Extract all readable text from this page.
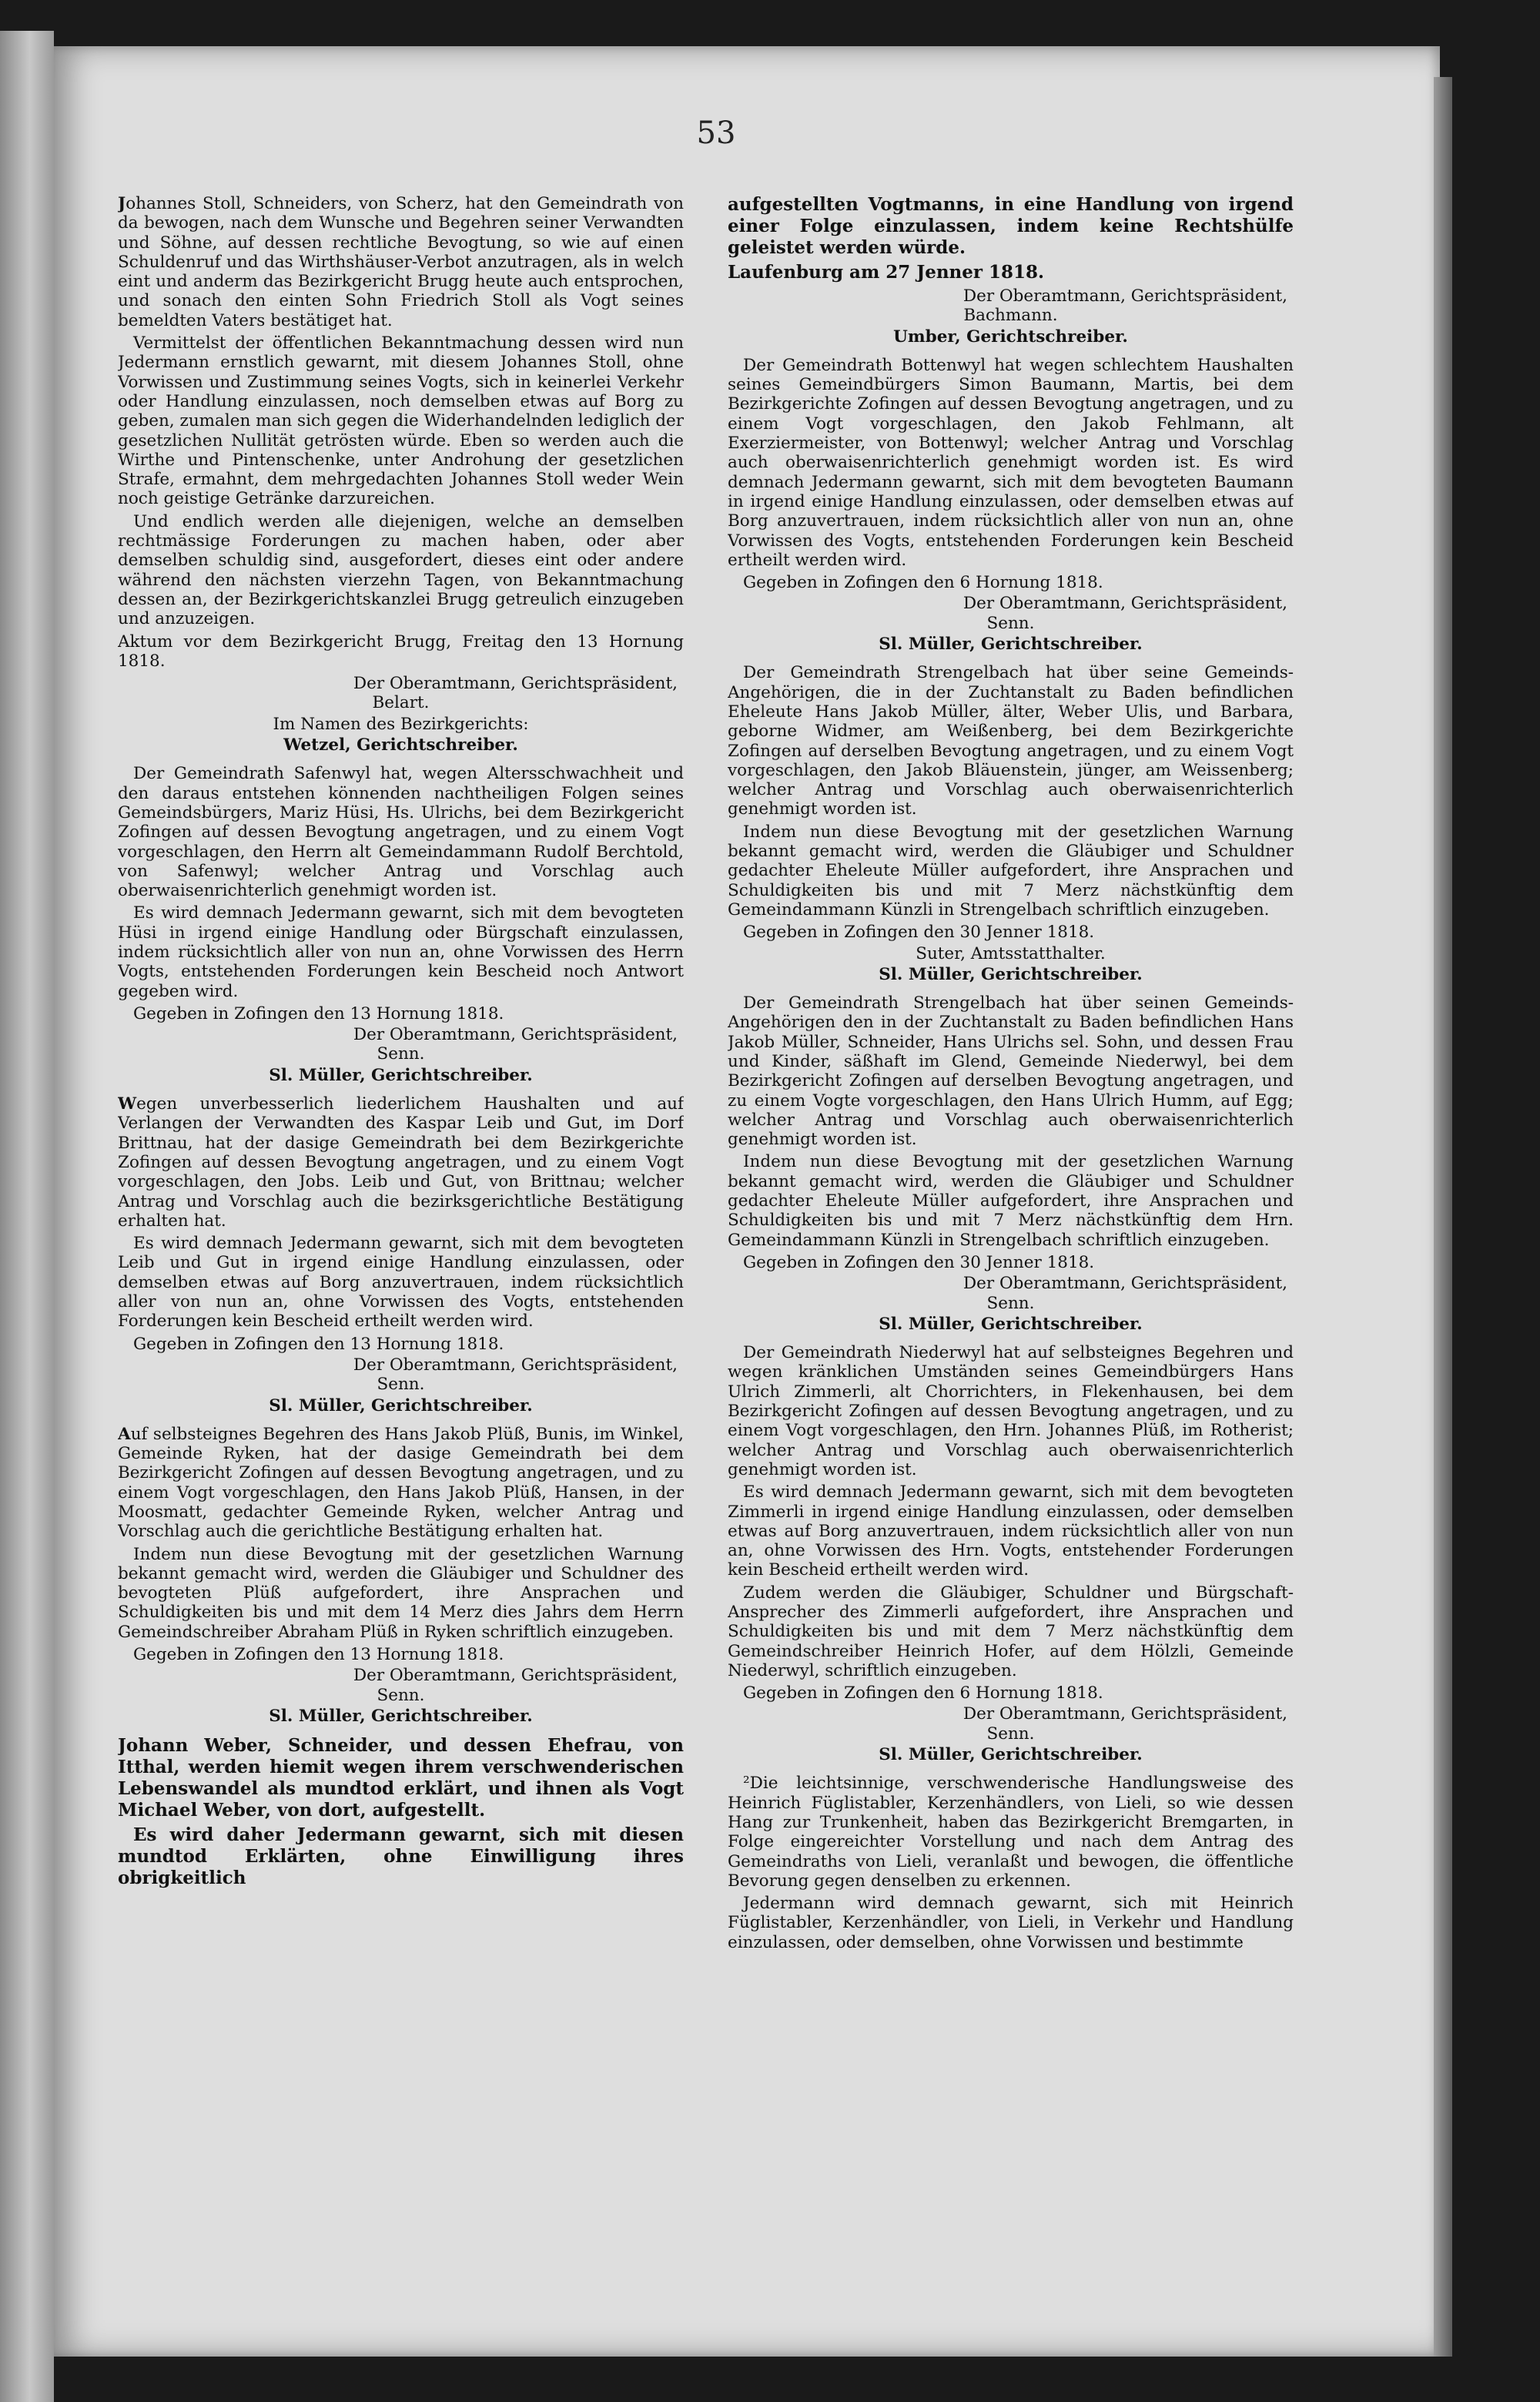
53

Johannes Stoll, Schneiders, von Scherz, hat den Gemeindrath von da bewogen, nach dem Wunsche und Begehren seiner Verwandten und Söhne, auf dessen rechtliche Bevogtung, so wie auf einen Schuldenruf und das Wirthshäuser-Verbot anzutragen, als in welch eint und anderm das Bezirkgericht Brugg heute auch entsprochen, und sonach den einten Sohn Friedrich Stoll als Vogt seines bemeldten Vaters bestätiget hat.

Vermittelst der öffentlichen Bekanntmachung dessen wird nun Jedermann ernstlich gewarnt, mit diesem Johannes Stoll, ohne Vorwissen und Zustimmung seines Vogts, sich in keinerlei Verkehr oder Handlung einzulassen, noch demselben etwas auf Borg zu geben, zumalen man sich gegen die Widerhandelnden lediglich der gesetzlichen Nullität getrösten würde. Eben so werden auch die Wirthe und Pintenschenke, unter Androhung der gesetzlichen Strafe, ermahnt, dem mehrgedachten Johannes Stoll weder Wein noch geistige Getränke darzureichen.

Und endlich werden alle diejenigen, welche an demselben rechtmässige Forderungen zu machen haben, oder aber demselben schuldig sind, ausgefordert, dieses eint oder andere während den nächsten vierzehn Tagen, von Bekanntmachung dessen an, der Bezirkgerichtskanzlei Brugg getreulich einzugeben und anzuzeigen.

Aktum vor dem Bezirkgericht Brugg, Freitag den 13 Hornung 1818.

Der Oberamtmann, Gerichtspräsident,

Belart.

Im Namen des Bezirkgerichts:

Wetzel, Gerichtschreiber.

Der Gemeindrath Safenwyl hat, wegen Altersschwachheit und den daraus entstehen könnenden nachtheiligen Folgen seines Gemeindsbürgers, Mariz Hüsi, Hs. Ulrichs, bei dem Bezirkgericht Zofingen auf dessen Bevogtung angetragen, und zu einem Vogt vorgeschlagen, den Herrn alt Gemeindammann Rudolf Berchtold, von Safenwyl; welcher Antrag und Vorschlag auch oberwaisenrichterlich genehmigt worden ist.

Es wird demnach Jedermann gewarnt, sich mit dem bevogteten Hüsi in irgend einige Handlung oder Bürgschaft einzulassen, indem rücksichtlich aller von nun an, ohne Vorwissen des Herrn Vogts, entstehenden Forderungen kein Bescheid noch Antwort gegeben wird.

Gegeben in Zofingen den 13 Hornung 1818.

Der Oberamtmann, Gerichtspräsident,

Senn.

Sl. Müller, Gerichtschreiber.

Wegen unverbesserlich liederlichem Haushalten und auf Verlangen der Verwandten des Kaspar Leib und Gut, im Dorf Brittnau, hat der dasige Gemeindrath bei dem Bezirkgerichte Zofingen auf dessen Bevogtung angetragen, und zu einem Vogt vorgeschlagen, den Jobs. Leib und Gut, von Brittnau; welcher Antrag und Vorschlag auch die bezirksgerichtliche Bestätigung erhalten hat.

Es wird demnach Jedermann gewarnt, sich mit dem bevogteten Leib und Gut in irgend einige Handlung einzulassen, oder demselben etwas auf Borg anzuvertrauen, indem rücksichtlich aller von nun an, ohne Vorwissen des Vogts, entstehenden Forderungen kein Bescheid ertheilt werden wird.

Gegeben in Zofingen den 13 Hornung 1818.

Der Oberamtmann, Gerichtspräsident,

Senn.

Sl. Müller, Gerichtschreiber.

Auf selbsteignes Begehren des Hans Jakob Plüß, Bunis, im Winkel, Gemeinde Ryken, hat der dasige Gemeindrath bei dem Bezirkgericht Zofingen auf dessen Bevogtung angetragen, und zu einem Vogt vorgeschlagen, den Hans Jakob Plüß, Hansen, in der Moosmatt, gedachter Gemeinde Ryken, welcher Antrag und Vorschlag auch die gerichtliche Bestätigung erhalten hat.

Indem nun diese Bevogtung mit der gesetzlichen Warnung bekannt gemacht wird, werden die Gläubiger und Schuldner des bevogteten Plüß aufgefordert, ihre Ansprachen und Schuldigkeiten bis und mit dem 14 Merz dies Jahrs dem Herrn Gemeindschreiber Abraham Plüß in Ryken schriftlich einzugeben.

Gegeben in Zofingen den 13 Hornung 1818.

Der Oberamtmann, Gerichtspräsident,

Senn.

Sl. Müller, Gerichtschreiber.

Johann Weber, Schneider, und dessen Ehefrau, von Itthal, werden hiemit wegen ihrem verschwenderischen Lebenswandel als mundtod erklärt, und ihnen als Vogt Michael Weber, von dort, aufgestellt.

Es wird daher Jedermann gewarnt, sich mit diesen mundtod Erklärten, ohne Einwilligung ihres obrigkeitlich

aufgestellten Vogtmanns, in eine Handlung von irgend einer Folge einzulassen, indem keine Rechtshülfe geleistet werden würde.

Laufenburg am 27 Jenner 1818.

Der Oberamtmann, Gerichtspräsident,

Bachmann.

Umber, Gerichtschreiber.

Der Gemeindrath Bottenwyl hat wegen schlechtem Haushalten seines Gemeindbürgers Simon Baumann, Martis, bei dem Bezirkgerichte Zofingen auf dessen Bevogtung angetragen, und zu einem Vogt vorgeschlagen, den Jakob Fehlmann, alt Exerziermeister, von Bottenwyl; welcher Antrag und Vorschlag auch oberwaisenrichterlich genehmigt worden ist. Es wird demnach Jedermann gewarnt, sich mit dem bevogteten Baumann in irgend einige Handlung einzulassen, oder demselben etwas auf Borg anzuvertrauen, indem rücksichtlich aller von nun an, ohne Vorwissen des Vogts, entstehenden Forderungen kein Bescheid ertheilt werden wird.

Gegeben in Zofingen den 6 Hornung 1818.

Der Oberamtmann, Gerichtspräsident,

Senn.

Sl. Müller, Gerichtschreiber.

Der Gemeindrath Strengelbach hat über seine Gemeinds-Angehörigen, die in der Zuchtanstalt zu Baden befindlichen Eheleute Hans Jakob Müller, älter, Weber Ulis, und Barbara, geborne Widmer, am Weißenberg, bei dem Bezirkgerichte Zofingen auf derselben Bevogtung angetragen, und zu einem Vogt vorgeschlagen, den Jakob Bläuenstein, jünger, am Weissenberg; welcher Antrag und Vorschlag auch oberwaisenrichterlich genehmigt worden ist.

Indem nun diese Bevogtung mit der gesetzlichen Warnung bekannt gemacht wird, werden die Gläubiger und Schuldner gedachter Eheleute Müller aufgefordert, ihre Ansprachen und Schuldigkeiten bis und mit 7 Merz nächstkünftig dem Gemeindammann Künzli in Strengelbach schriftlich einzugeben.

Gegeben in Zofingen den 30 Jenner 1818.

Suter, Amtsstatthalter.

Sl. Müller, Gerichtschreiber.

Der Gemeindrath Strengelbach hat über seinen Gemeinds-Angehörigen den in der Zuchtanstalt zu Baden befindlichen Hans Jakob Müller, Schneider, Hans Ulrichs sel. Sohn, und dessen Frau und Kinder, säßhaft im Glend, Gemeinde Niederwyl, bei dem Bezirkgericht Zofingen auf derselben Bevogtung angetragen, und zu einem Vogte vorgeschlagen, den Hans Ulrich Humm, auf Egg; welcher Antrag und Vorschlag auch oberwaisenrichterlich genehmigt worden ist.

Indem nun diese Bevogtung mit der gesetzlichen Warnung bekannt gemacht wird, werden die Gläubiger und Schuldner gedachter Eheleute Müller aufgefordert, ihre Ansprachen und Schuldigkeiten bis und mit 7 Merz nächstkünftig dem Hrn. Gemeindammann Künzli in Strengelbach schriftlich einzugeben.

Gegeben in Zofingen den 30 Jenner 1818.

Der Oberamtmann, Gerichtspräsident,

Senn.

Sl. Müller, Gerichtschreiber.

Der Gemeindrath Niederwyl hat auf selbsteignes Begehren und wegen kränklichen Umständen seines Gemeindbürgers Hans Ulrich Zimmerli, alt Chorrichters, in Flekenhausen, bei dem Bezirkgericht Zofingen auf dessen Bevogtung angetragen, und zu einem Vogt vorgeschlagen, den Hrn. Johannes Plüß, im Rotherist; welcher Antrag und Vorschlag auch oberwaisenrichterlich genehmigt worden ist.

Es wird demnach Jedermann gewarnt, sich mit dem bevogteten Zimmerli in irgend einige Handlung einzulassen, oder demselben etwas auf Borg anzuvertrauen, indem rücksichtlich aller von nun an, ohne Vorwissen des Hrn. Vogts, entstehender Forderungen kein Bescheid ertheilt werden wird.

Zudem werden die Gläubiger, Schuldner und Bürgschaft-Ansprecher des Zimmerli aufgefordert, ihre Ansprachen und Schuldigkeiten bis und mit dem 7 Merz nächstkünftig dem Gemeindschreiber Heinrich Hofer, auf dem Hölzli, Gemeinde Niederwyl, schriftlich einzugeben.

Gegeben in Zofingen den 6 Hornung 1818.

Der Oberamtmann, Gerichtspräsident,

Senn.

Sl. Müller, Gerichtschreiber.

²Die leichtsinnige, verschwenderische Handlungsweise des Heinrich Füglistabler, Kerzenhändlers, von Lieli, so wie dessen Hang zur Trunkenheit, haben das Bezirkgericht Bremgarten, in Folge eingereichter Vorstellung und nach dem Antrag des Gemeindraths von Lieli, veranlaßt und bewogen, die öffentliche Bevorung gegen denselben zu erkennen.

Jedermann wird demnach gewarnt, sich mit Heinrich Füglistabler, Kerzenhändler, von Lieli, in Verkehr und Handlung einzulassen, oder demselben, ohne Vorwissen und bestimmte
